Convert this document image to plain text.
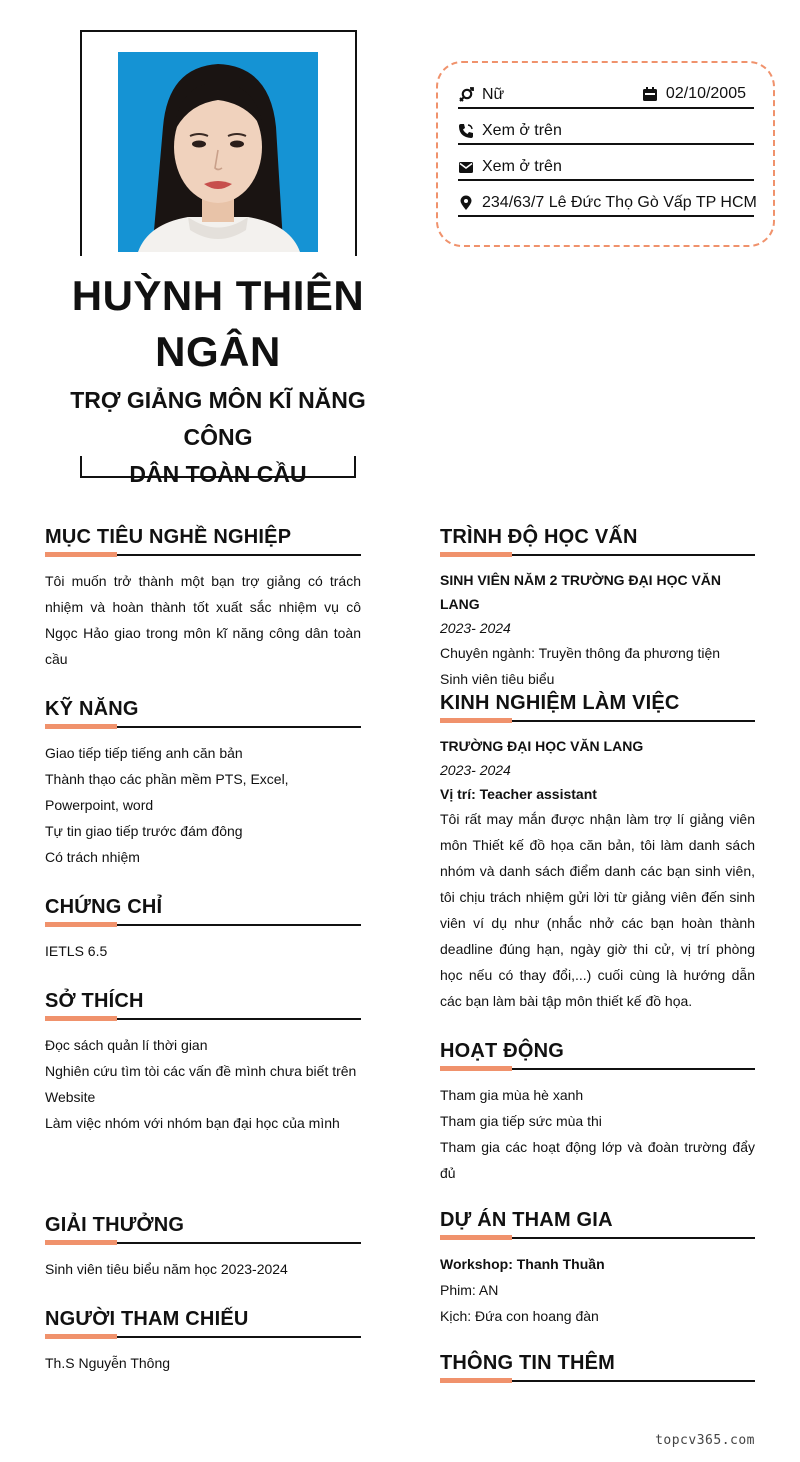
HUỲNH THIÊN
NGÂN
TRỢ GIẢNG MÔN KĨ NĂNG CÔNG
DÂN TOÀN CẦU
Nữ	02/10/2005
Xem ở trên
Xem ở trên
234/63/7 Lê Đức Thọ Gò Vấp TP HCM
MỤC TIÊU NGHỀ NGHIỆP
Tôi muốn trở thành một bạn trợ giảng có trách nhiệm và hoàn thành tốt xuất sắc nhiệm vụ cô Ngọc Hảo giao trong môn kĩ năng công dân toàn cầu
KỸ NĂNG
Giao tiếp tiếp tiếng anh căn bản
Thành thạo các phần mềm PTS, Excel, Powerpoint, word
Tự tin giao tiếp trước đám đông
Có trách nhiệm
CHỨNG CHỈ
IETLS 6.5
SỞ THÍCH
Đọc sách quản lí thời gian
Nghiên cứu tìm tòi các vấn đề mình chưa biết trên Website
Làm việc nhóm với nhóm bạn đại học của mình
GIẢI THƯỞNG
Sinh viên tiêu biểu năm học 2023-2024
NGƯỜI THAM CHIẾU
Th.S Nguyễn Thông
TRÌNH ĐỘ HỌC VẤN
SINH VIÊN NĂM 2 TRƯỜNG ĐẠI HỌC VĂN LANG
2023- 2024
Chuyên ngành: Truyền thông đa phương tiện
Sinh viên tiêu biểu
KINH NGHIỆM LÀM VIỆC
TRƯỜNG ĐẠI HỌC VĂN LANG
2023- 2024
Vị trí: Teacher assistant
Tôi rất may mắn được nhận làm trợ lí giảng viên môn Thiết kế đồ họa căn bản, tôi làm danh sách nhóm và danh sách điểm danh các bạn sinh viên, tôi chịu trách nhiệm gửi lời từ giảng viên đến sinh viên ví dụ như (nhắc nhở các bạn hoàn thành deadline đúng hạn, ngày giờ thi cử, vị trí phòng học nếu có thay đổi,...) cuối cùng là hướng dẫn các bạn làm bài tập môn thiết kế đồ họa.
HOẠT ĐỘNG
Tham gia mùa hè xanh
Tham gia tiếp sức mùa thi
Tham gia các hoạt động lớp và đoàn trường đẩy đủ
DỰ ÁN THAM GIA
Workshop: Thanh Thuần
Phim: AN
Kịch: Đứa con hoang đàn
THÔNG TIN THÊM
topcv365.com
